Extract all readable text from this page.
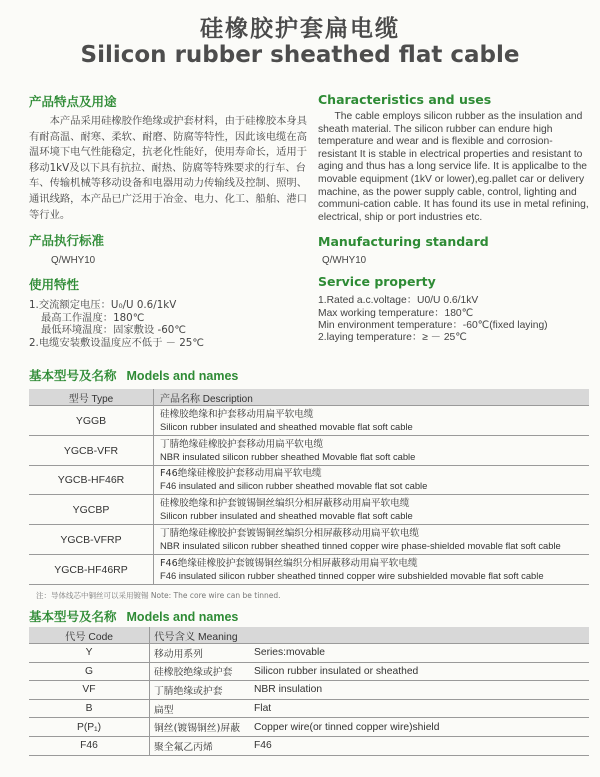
硅橡胶护套扁电缆
Silicon rubber sheathed flat cable
产品特点及用途

本产品采用硅橡胶作绝缘或护套材料，由于硅橡胶本身具有耐高温、耐寒、柔软、耐磨、防腐等特性，因此该电缆在高温环境下电气性能稳定，抗老化性能好，使用寿命长，适用于移动1kV及以下具有抗拉、耐热、防腐等特殊要求的行车、台车、传输机械等移动设备和电器用动力传输线及控制、照明、通讯线路，本产品已广泛用于冶金、电力、化工、船舶、港口等行业。

产品执行标准
Q/WHY10
使用特性
1.交流额定电压：U₀/U 0.6/1kV
最高工作温度：180℃
最低环境温度：固家敷设 -60℃
2.电缆安装敷设温度应不低于 － 25℃
Characteristics and uses

The cable employs silicon rubber as the insulation and sheath material. The silicon rubber can endure high temperature and wear and is flexible and corrosion-resistant It is stable in electrical properties and resistant to aging and thus has a long service life. It is applicalbe to the movable equipment (1kV or lower),eg.pallet car or delivery machine, as the power supply cable, control, lighting and communi-cation cable. It has found its use in metal refining, electrical, ship or port industries etc.

Manufacturing standard
Q/WHY10
Service property
1.Rated a.c.voltage：U0/U 0.6/1kV
Max working temperature：180℃
Min environment temperature：-60℃(fixed laying)
2.laying temperature：≥ － 25℃
基本型号及名称 Models and names
型号 Type	产品名称 Description
YGGB	硅橡胶绝缘和护套移动用扁平软电缆
Silicon rubber insulated and sheathed movable flat soft cable

YGCB-VFR	丁腈绝缘硅橡胶护套移动用扁平软电缆
NBR insulated silicon rubber sheathed Movable flat soft cable

YGCB-HF46R	F46绝缘硅橡胶护套移动用扁平软电缆
F46 insulated and silicon rubber sheathed movable flat sot cable

YGCBP	硅橡胶绝缘和护套镀锡铜丝编织分相屏蔽移动用扁平软电缆
Silicon rubber insulated and sheathed movable flat soft cable

YGCB-VFRP	丁腈绝缘硅橡胶护套镀锡铜丝编织分相屏蔽移动用扁平软电缆
NBR insulated silicon rubber sheathed tinned copper wire phase-shielded movable flat soft cable

YGCB-HF46RP	F46绝缘硅橡胶护套镀锡铜丝编织分相屏蔽移动用扁平软电缆
F46 insulated silicon rubber sheathed tinned copper wire subshielded movable flat soft cable
注：导体线芯中铜丝可以采用镀锡 Note: The core wire can be tinned.
基本型号及名称 Models and names
代号 Code	代号含义 Meaning	
Y	移动用系列	Series:movable
G	硅橡胶绝缘或护套	Silicon rubber insulated or sheathed
VF	丁腈绝缘或护套	NBR insulation
B	扁型	Flat
P(P₁)	铜丝(镀锡铜丝)屏蔽	Copper wire(or tinned copper wire)shield
F46	聚全氟乙丙烯	F46
